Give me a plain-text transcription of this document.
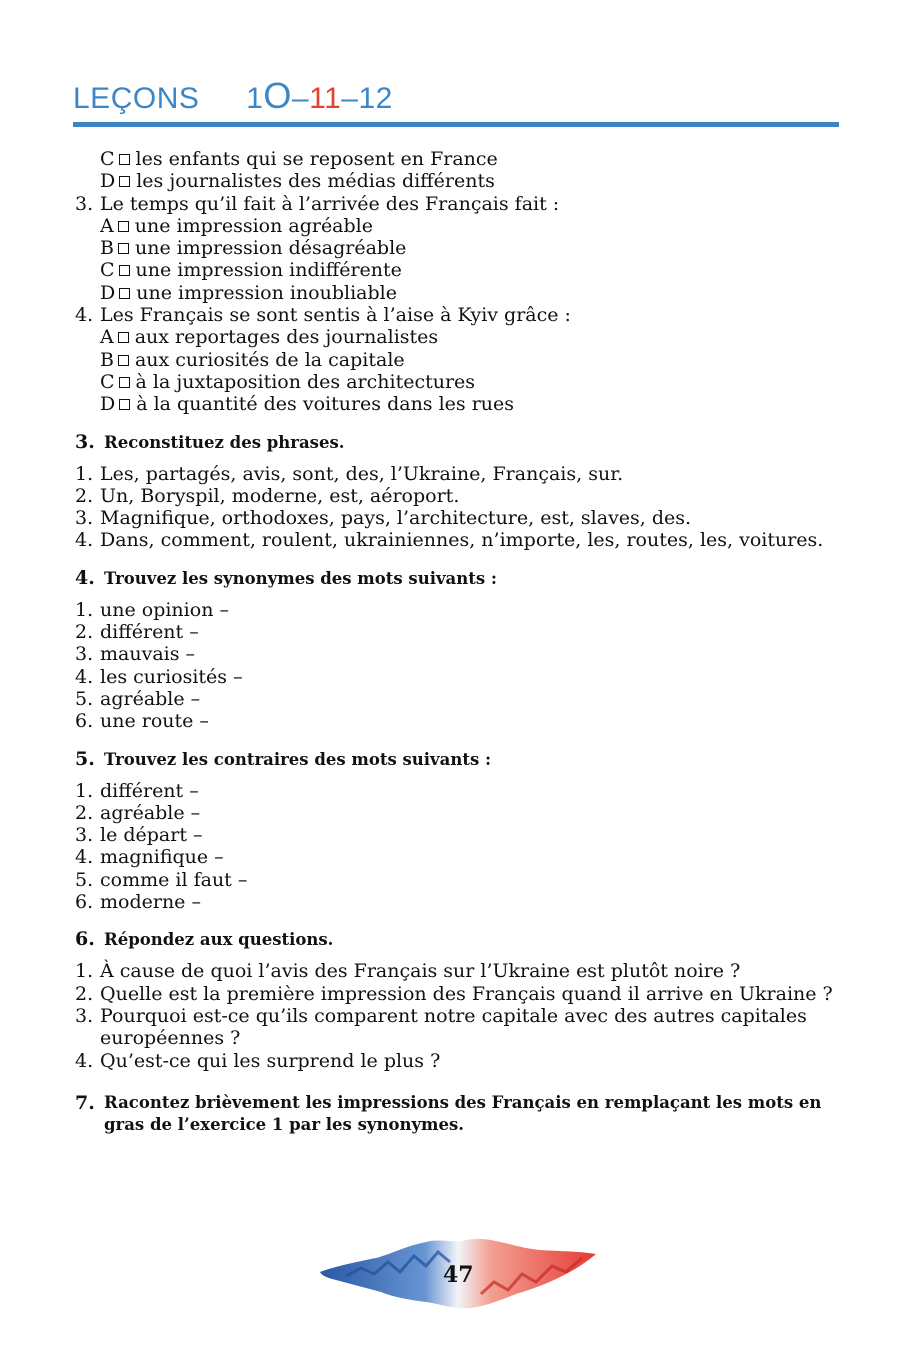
LEÇONS 1O–11–12
C les enfants qui se reposent en France
D les journalistes des médias différents
3. Le temps qu’il fait à l’arrivée des Français fait :
A une impression agréable
B une impression désagréable
C une impression indifférente
D une impression inoubliable
4. Les Français se sont sentis à l’aise à Kyiv grâce :
A aux reportages des journalistes
B aux curiosités de la capitale
C à la juxtaposition des architectures
D à la quantité des voitures dans les rues
3. Reconstituez des phrases.
1. Les, partagés, avis, sont, des, l’Ukraine, Français, sur.
2. Un, Boryspil, moderne, est, aéroport.
3. Magnifique, orthodoxes, pays, l’architecture, est, slaves, des.
4. Dans, comment, roulent, ukrainiennes, n’importe, les, routes, les, voitures.
4. Trouvez les synonymes des mots suivants :
1. une opinion –
2. différent –
3. mauvais –
4. les curiosités –
5. agréable –
6. une route –
5. Trouvez les contraires des mots suivants :
1. différent –
2. agréable –
3. le départ –
4. magnifique –
5. comme il faut –
6. moderne –
6. Répondez aux questions.
1. À cause de quoi l’avis des Français sur l’Ukraine est plutôt noire ?
2. Quelle est la première impression des Français quand il arrive en Ukraine ?
3. Pourquoi est-ce qu’ils comparent notre capitale avec des autres capitales européennes ?
4. Qu’est-ce qui les surprend le plus ?
7. Racontez brièvement les impressions des Français en remplaçant les mots en gras de l’exercice 1 par les synonymes.
47
